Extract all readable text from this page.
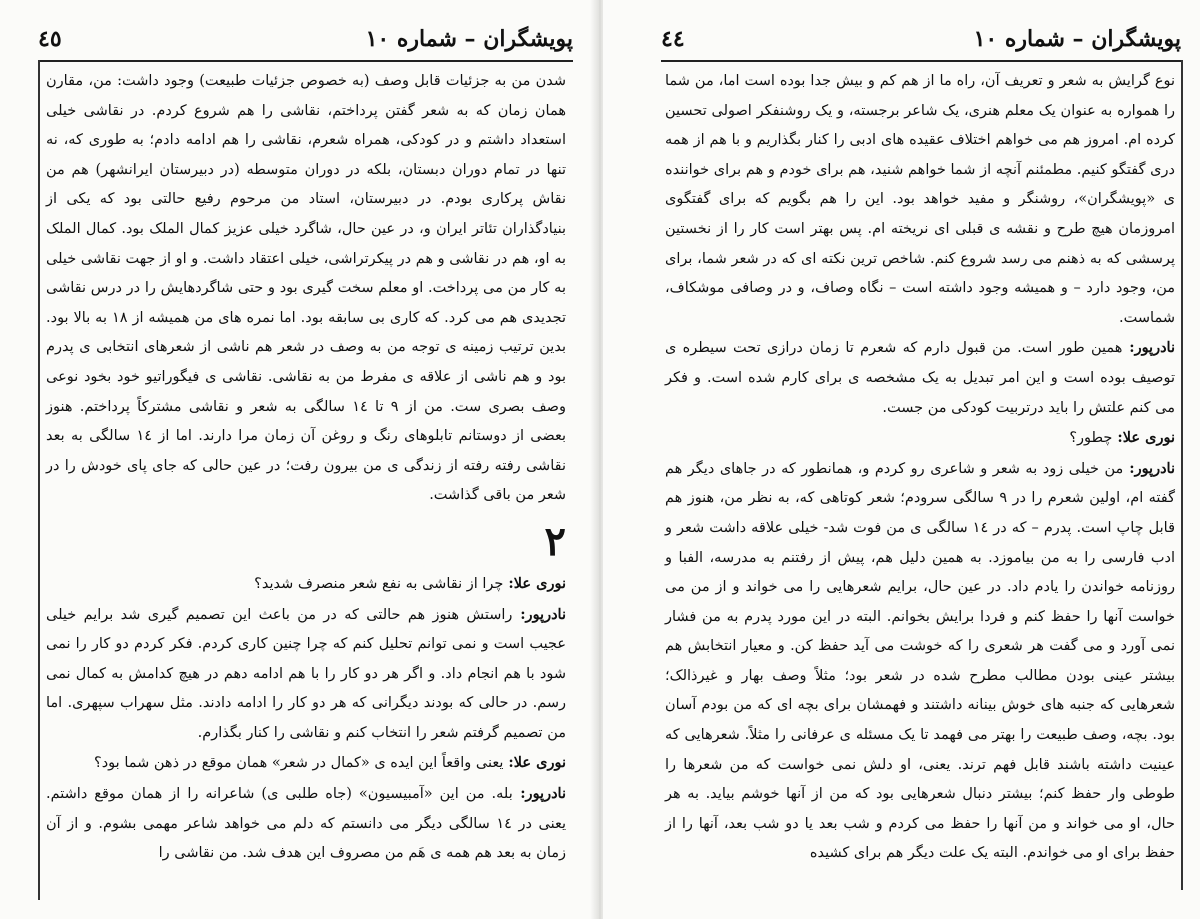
پویشگران – شماره ۱۰
٤٥

شدن من به جزئیات قابل وصف (به خصوص جزئیات طبیعت) وجود داشت: من، مقارن همان زمان که به شعر گفتن پرداختم، نقاشی را هم شروع کردم. در نقاشی خیلی استعداد داشتم و در کودکی، همراه شعرم، نقاشی را هم ادامه دادم؛ به طوری که، نه تنها در تمام دوران دبستان، بلکه در دوران متوسطه (در دبیرستان ایرانشهر) هم من نقاش پرکاری بودم. در دبیرستان، استاد من مرحوم رفیع حالتی بود که یکی از بنیادگذاران تئاتر ایران و، در عین حال، شاگرد خیلی عزیز کمال الملک بود. کمال الملک به او، هم در نقاشی و هم در پیکرتراشی، خیلی اعتقاد داشت. و او از جهت نقاشی خیلی به کار من می پرداخت. او معلم سخت گیری بود و حتی شاگردهایش را در درس نقاشی تجدیدی هم می کرد. که کاری بی سابقه بود. اما نمره های من همیشه از ۱۸ به بالا بود. بدین ترتیب زمینه ی توجه من به وصف در شعر هم ناشی از شعرهای انتخابی ی پدرم بود و هم ناشی از علاقه ی مفرط من به نقاشی. نقاشی ی فیگوراتیو خود بخود نوعی وصف بصری ست. من از ۹ تا ۱٤ سالگی به شعر و نقاشی مشترکاً پرداختم. هنوز بعضی از دوستانم تابلوهای رنگ و روغن آن زمان مرا دارند. اما از ۱٤ سالگی به بعد نقاشی رفته رفته از زندگی ی من بیرون رفت؛ در عین حالی که جای پای خودش را در شعر من باقی گذاشت.

۲

نوری علا: چرا از نقاشی به نفع شعر منصرف شدید؟

نادرپور: راستش هنوز هم حالتی که در من باعث این تصمیم گیری شد برایم خیلی عجیب است و نمی توانم تحلیل کنم که چرا چنین کاری کردم. فکر کردم دو کار را نمی شود با هم انجام داد. و اگر هر دو کار را با هم ادامه دهم در هیچ کدامش به کمال نمی رسم. در حالی که بودند دیگرانی که هر دو کار را ادامه دادند. مثل سهراب سپهری. اما من تصمیم گرفتم شعر را انتخاب کنم و نقاشی را کنار بگذارم.

نوری علا: یعنی واقعاً این ایده ی «کمال در شعر» همان موقع در ذهن شما بود؟

نادرپور: بله. من این «آمبیسیون» (جاه طلبی ی) شاعرانه را از همان موقع داشتم. یعنی در ۱٤ سالگی دیگر می دانستم که دلم می خواهد شاعر مهمی بشوم. و از آن زمان به بعد هم همه ی هَم من مصروف این هدف شد. من نقاشی را

پویشگران – شماره ۱۰
٤٤

نوع گرایش به شعر و تعریف آن، راه ما از هم کم و بیش جدا بوده است اما، من شما را همواره به عنوان یک معلم هنری، یک شاعر برجسته، و یک روشنفکر اصولی تحسین کرده ام. امروز هم می خواهم اختلاف عقیده های ادبی را کنار بگذاریم و با هم از همه دری گفتگو کنیم. مطمئنم آنچه از شما خواهم شنید، هم برای خودم و هم برای خواننده ی «پویشگران»، روشنگر و مفید خواهد بود. این را هم بگویم که برای گفتگوی امروزمان هیچ طرح و نقشه ی قبلی ای نریخته ام. پس بهتر است کار را از نخستین پرسشی که به ذهنم می رسد شروع کنم. شاخص ترین نکته ای که در شعر شما، برای من، وجود دارد – و همیشه وجود داشته است – نگاه وصاف، و در وصافی موشکاف، شماست.

نادرپور: همین طور است. من قبول دارم که شعرم تا زمان درازی تحت سیطره ی توصیف بوده است و این امر تبدیل به یک مشخصه ی برای کارم شده است. و فکر می کنم علتش را باید درتربیت کودکی من جست.

نوری علا: چطور؟

نادرپور: من خیلی زود به شعر و شاعری رو کردم و، همانطور که در جاهای دیگر هم گفته ام، اولین شعرم را در ۹ سالگی سرودم؛ شعر کوتاهی که، به نظر من، هنوز هم قابل چاپ است. پدرم – که در ۱٤ سالگی ی من فوت شد- خیلی علاقه داشت شعر و ادب فارسی را به من بیاموزد. به همین دلیل هم، پیش از رفتنم به مدرسه، الفبا و روزنامه خواندن را یادم داد. در عین حال، برایم شعرهایی را می خواند و از من می خواست آنها را حفظ کنم و فردا برایش بخوانم. البته در این مورد پدرم به من فشار نمی آورد و می گفت هر شعری را که خوشت می آید حفظ کن. و معیار انتخابش هم بیشتر عینی بودن مطالب مطرح شده در شعر بود؛ مثلاً وصف بهار و غیرذالک؛ شعرهایی که جنبه های خوش بینانه داشتند و فهمشان برای بچه ای که من بودم آسان بود. بچه، وصف طبیعت را بهتر می فهمد تا یک مسئله ی عرفانی را مثلاً. شعرهایی که عینیت داشته باشند قابل فهم ترند. یعنی، او دلش نمی خواست که من شعرها را طوطی وار حفظ کنم؛ بیشتر دنبال شعرهایی بود که من از آنها خوشم بیاید. به هر حال، او می خواند و من آنها را حفظ می کردم و شب بعد یا دو شب بعد، آنها را از حفظ برای او می خواندم. البته یک علت دیگر هم برای کشیده
